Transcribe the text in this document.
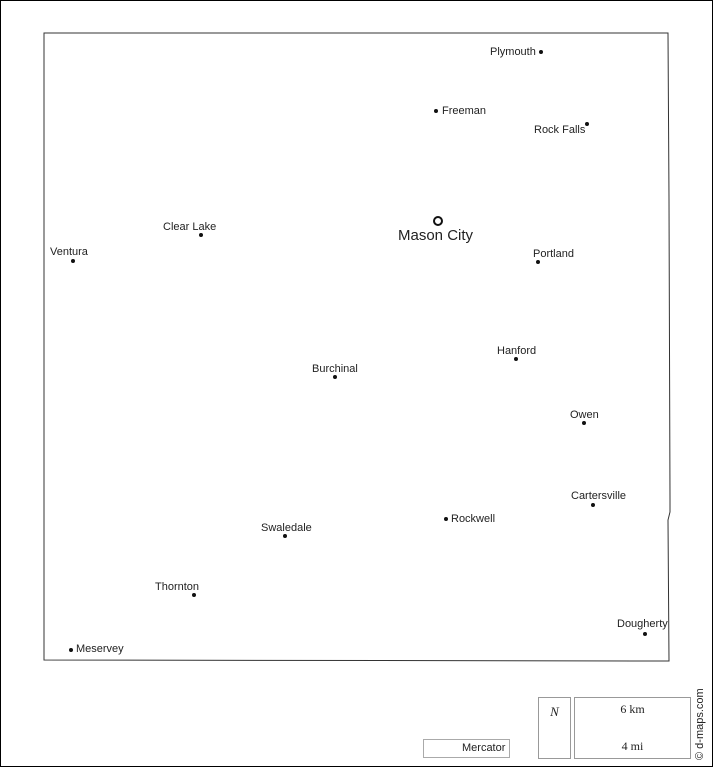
Mason City
Plymouth
Freeman
Rock Falls
Clear Lake
Ventura	Portland
Hanford
Burchinal
Owen
Cartersville
Rockwell
Swaledale
Thornton
Dougherty
Meservey
N	6 km
4 mi
Mercator	© d-maps.com
